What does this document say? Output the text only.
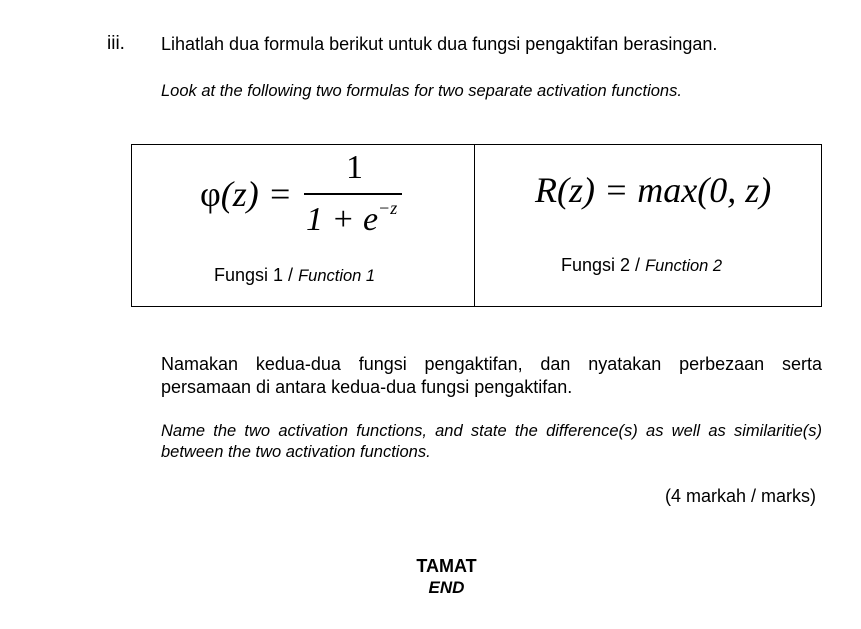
iii. Lihatlah dua formula berikut untuk dua fungsi pengaktifan berasingan.
Look at the following two formulas for two separate activation functions.
φ(z) =
1
$1 + e^{-z}$
Fungsi 1 / Function 1
R(z) = max(0, z)
Fungsi 2 / Function 2
Namakan kedua-dua fungsi pengaktifan, dan nyatakan perbezaan serta persamaan di antara kedua-dua fungsi pengaktifan.
Name the two activation functions, and state the difference(s) as well as similaritie(s) between the two activation functions.
(4 markah / marks)
TAMAT
END
